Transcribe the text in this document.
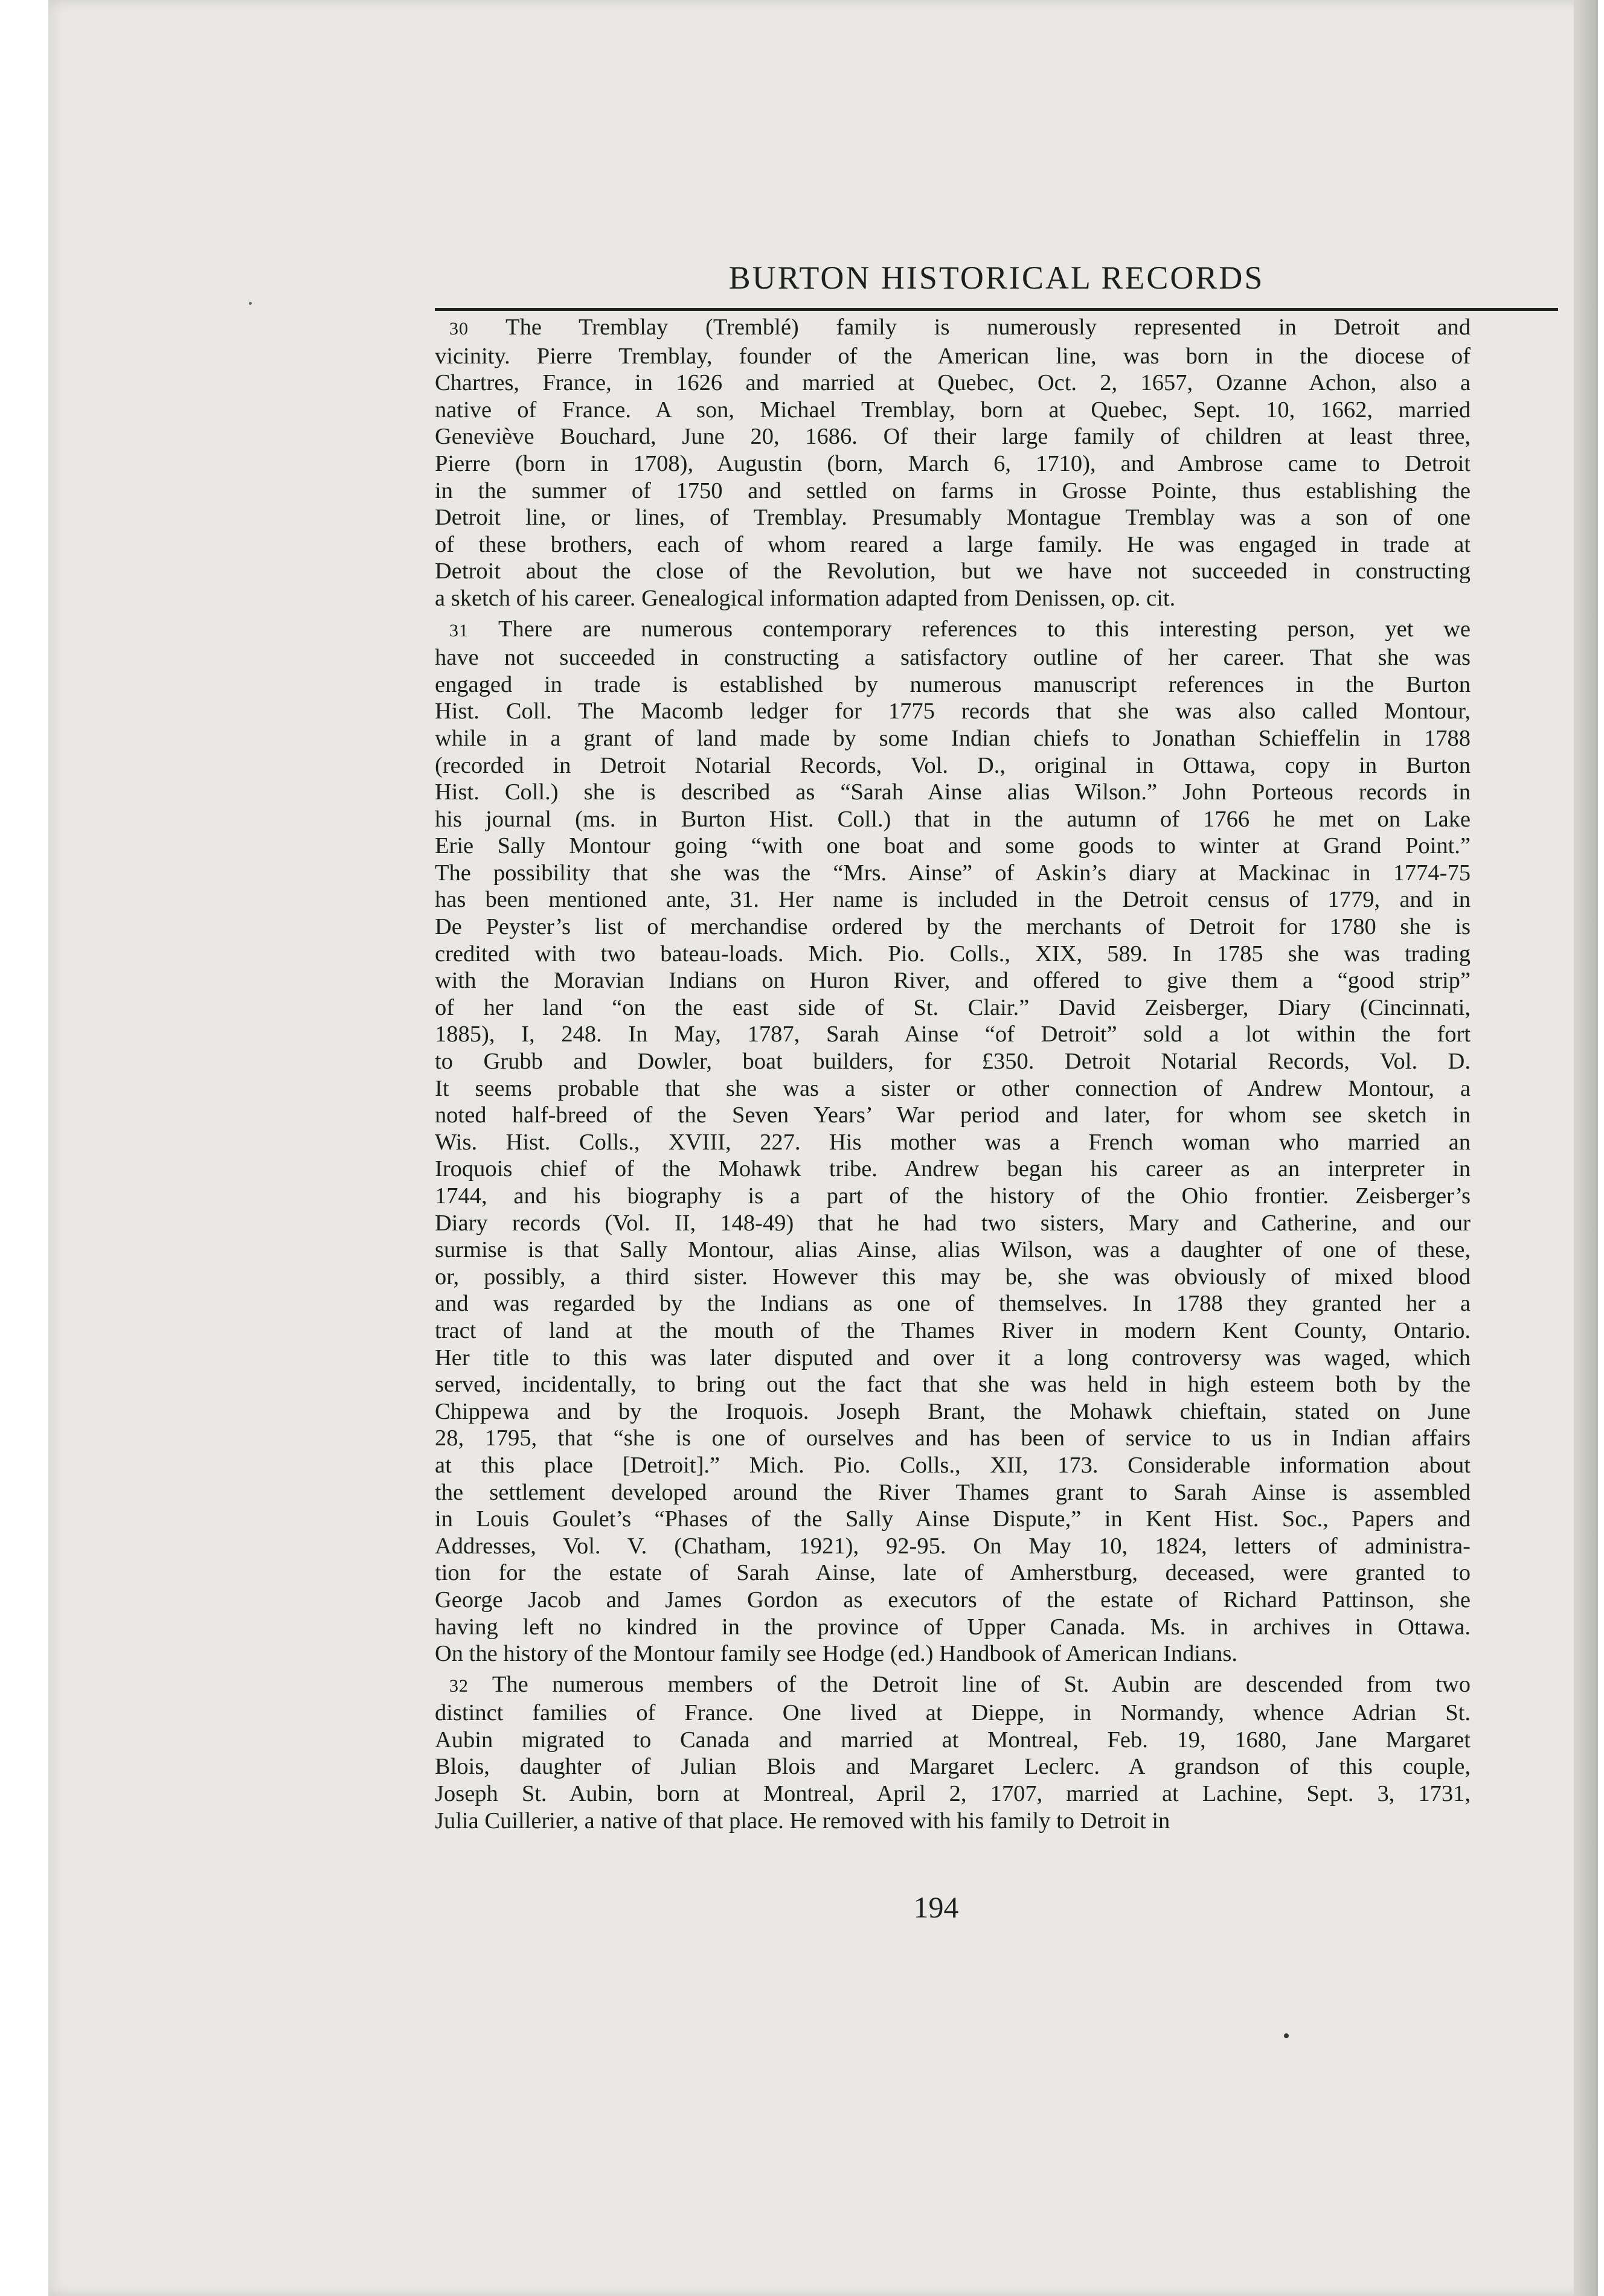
BURTON HISTORICAL RECORDS
30 The Tremblay (Tremblé) family is numerously represented in Detroit and
vicinity. Pierre Tremblay, founder of the American line, was born in the diocese of
Chartres, France, in 1626 and married at Quebec, Oct. 2, 1657, Ozanne Achon, also a
native of France. A son, Michael Tremblay, born at Quebec, Sept. 10, 1662, married
Geneviève Bouchard, June 20, 1686. Of their large family of children at least three,
Pierre (born in 1708), Augustin (born, March 6, 1710), and Ambrose came to Detroit
in the summer of 1750 and settled on farms in Grosse Pointe, thus establishing the
Detroit line, or lines, of Tremblay. Presumably Montague Tremblay was a son of one
of these brothers, each of whom reared a large family. He was engaged in trade at
Detroit about the close of the Revolution, but we have not succeeded in constructing
a sketch of his career. Genealogical information adapted from Denissen, op. cit.
31 There are numerous contemporary references to this interesting person, yet we
have not succeeded in constructing a satisfactory outline of her career. That she was
engaged in trade is established by numerous manuscript references in the Burton
Hist. Coll. The Macomb ledger for 1775 records that she was also called Montour,
while in a grant of land made by some Indian chiefs to Jonathan Schieffelin in 1788
(recorded in Detroit Notarial Records, Vol. D., original in Ottawa, copy in Burton
Hist. Coll.) she is described as “Sarah Ainse alias Wilson.” John Porteous records in
his journal (ms. in Burton Hist. Coll.) that in the autumn of 1766 he met on Lake
Erie Sally Montour going “with one boat and some goods to winter at Grand Point.”
The possibility that she was the “Mrs. Ainse” of Askin’s diary at Mackinac in 1774-75
has been mentioned ante, 31. Her name is included in the Detroit census of 1779, and in
De Peyster’s list of merchandise ordered by the merchants of Detroit for 1780 she is
credited with two bateau-loads. Mich. Pio. Colls., XIX, 589. In 1785 she was trading
with the Moravian Indians on Huron River, and offered to give them a “good strip”
of her land “on the east side of St. Clair.” David Zeisberger, Diary (Cincinnati,
1885), I, 248. In May, 1787, Sarah Ainse “of Detroit” sold a lot within the fort
to Grubb and Dowler, boat builders, for £350. Detroit Notarial Records, Vol. D.
It seems probable that she was a sister or other connection of Andrew Montour, a
noted half-breed of the Seven Years’ War period and later, for whom see sketch in
Wis. Hist. Colls., XVIII, 227. His mother was a French woman who married an
Iroquois chief of the Mohawk tribe. Andrew began his career as an interpreter in
1744, and his biography is a part of the history of the Ohio frontier. Zeisberger’s
Diary records (Vol. II, 148-49) that he had two sisters, Mary and Catherine, and our
surmise is that Sally Montour, alias Ainse, alias Wilson, was a daughter of one of these,
or, possibly, a third sister. However this may be, she was obviously of mixed blood
and was regarded by the Indians as one of themselves. In 1788 they granted her a
tract of land at the mouth of the Thames River in modern Kent County, Ontario.
Her title to this was later disputed and over it a long controversy was waged, which
served, incidentally, to bring out the fact that she was held in high esteem both by the
Chippewa and by the Iroquois. Joseph Brant, the Mohawk chieftain, stated on June
28, 1795, that “she is one of ourselves and has been of service to us in Indian affairs
at this place [Detroit].” Mich. Pio. Colls., XII, 173. Considerable information about
the settlement developed around the River Thames grant to Sarah Ainse is assembled
in Louis Goulet’s “Phases of the Sally Ainse Dispute,” in Kent Hist. Soc., Papers and
Addresses, Vol. V. (Chatham, 1921), 92-95. On May 10, 1824, letters of administra-
tion for the estate of Sarah Ainse, late of Amherstburg, deceased, were granted to
George Jacob and James Gordon as executors of the estate of Richard Pattinson, she
having left no kindred in the province of Upper Canada. Ms. in archives in Ottawa.
On the history of the Montour family see Hodge (ed.) Handbook of American Indians.
32 The numerous members of the Detroit line of St. Aubin are descended from two
distinct families of France. One lived at Dieppe, in Normandy, whence Adrian St.
Aubin migrated to Canada and married at Montreal, Feb. 19, 1680, Jane Margaret
Blois, daughter of Julian Blois and Margaret Leclerc. A grandson of this couple,
Joseph St. Aubin, born at Montreal, April 2, 1707, married at Lachine, Sept. 3, 1731,
Julia Cuillerier, a native of that place. He removed with his family to Detroit in
194
